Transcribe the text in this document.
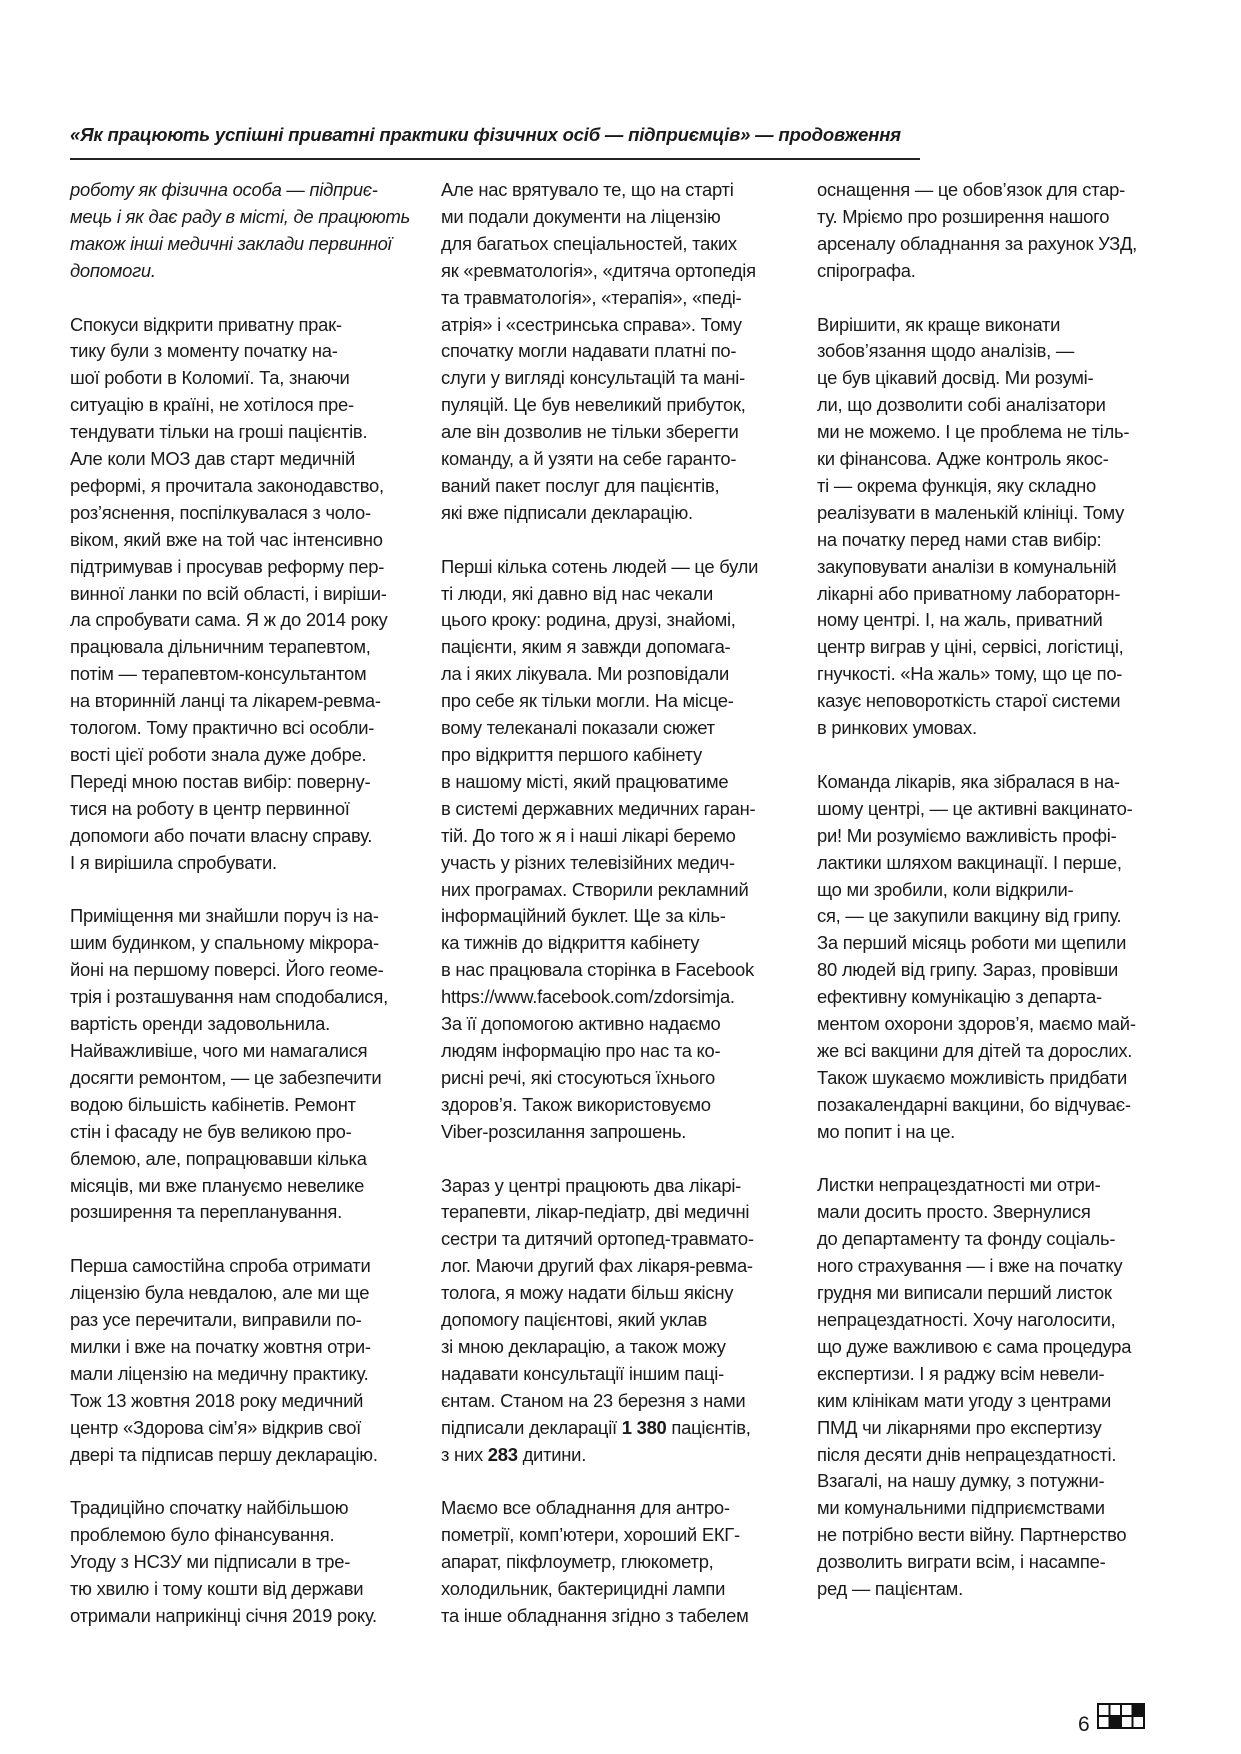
«Як працюють успішні приватні практики фізичних осіб — підприємців» — продовження
роботу як фізична особа — підприє-
мець і як дає раду в місті, де працюють
також інші медичні заклади первинної
допомоги.
Спокуси відкрити приватну прак-
тику були з моменту початку на-
шої роботи в Коломиї. Та, знаючи
ситуацію в країні, не хотілося пре-
тендувати тільки на гроші пацієнтів.
Але коли МОЗ дав старт медичній
реформі, я прочитала законодавство,
роз’яснення, поспілкувалася з чоло-
віком, який вже на той час інтенсивно
підтримував і просував реформу пер-
винної ланки по всій області, і виріши-
ла спробувати сама. Я ж до 2014 року
працювала дільничним терапевтом,
потім — терапевтом-консультантом
на вторинній ланці та лікарем-ревма-
тологом. Тому практично всі особли-
вості цієї роботи знала дуже добре.
Переді мною постав вибір: поверну-
тися на роботу в центр первинної
допомоги або почати власну справу.
І я вирішила спробувати.
Приміщення ми знайшли поруч із на-
шим будинком, у спальному мікрора-
йоні на першому поверсі. Його геоме-
трія і розташування нам сподобалися,
вартість оренди задовольнила.
Найважливіше, чого ми намагалися
досягти ремонтом, — це забезпечити
водою більшість кабінетів. Ремонт
стін і фасаду не був великою про-
блемою, але, попрацювавши кілька
місяців, ми вже плануємо невелике
розширення та перепланування.
Перша самостійна спроба отримати
ліцензію була невдалою, але ми ще
раз усе перечитали, виправили по-
милки і вже на початку жовтня отри-
мали ліцензію на медичну практику.
Тож 13 жовтня 2018 року медичний
центр «Здорова сім’я» відкрив свої
двері та підписав першу декларацію.
Традиційно спочатку найбільшою
проблемою було фінансування.
Угоду з НСЗУ ми підписали в тре-
тю хвилю і тому кошти від держави
отримали наприкінці січня 2019 року.
Але нас врятувало те, що на старті
ми подали документи на ліцензію
для багатьох спеціальностей, таких
як «ревматологія», «дитяча ортопедія
та травматологія», «терапія», «педі-
атрія» і «сестринська справа». Тому
спочатку могли надавати платні по-
слуги у вигляді консультацій та мані-
пуляцій. Це був невеликий прибуток,
але він дозволив не тільки зберегти
команду, а й узяти на себе гаранто-
ваний пакет послуг для пацієнтів,
які вже підписали декларацію.
Перші кілька сотень людей — це були
ті люди, які давно від нас чекали
цього кроку: родина, друзі, знайомі,
пацієнти, яким я завжди допомага-
ла і яких лікувала. Ми розповідали
про себе як тільки могли. На місце-
вому телеканалі показали сюжет
про відкриття першого кабінету
в нашому місті, який працюватиме
в системі державних медичних гаран-
тій. До того ж я і наші лікарі беремо
участь у різних телевізійних медич-
них програмах. Створили рекламний
інформаційний буклет. Ще за кіль-
ка тижнів до відкриття кабінету
в нас працювала сторінка в Facebook
https://www.facebook.com/zdorsimja.
За її допомогою активно надаємо
людям інформацію про нас та ко-
рисні речі, які стосуються їхнього
здоров’я. Також використовуємо
Viber-розсилання запрошень.
Зараз у центрі працюють два лікарі-
терапевти, лікар-педіатр, дві медичні
сестри та дитячий ортопед-травмато-
лог. Маючи другий фах лікаря-ревма-
толога, я можу надати більш якісну
допомогу пацієнтові, який уклав
зі мною декларацію, а також можу
надавати консультації іншим паці-
єнтам. Станом на 23 березня з нами
підписали декларації 1 380 пацієнтів,
з них 283 дитини.
Маємо все обладнання для антро-
пометрії, комп’ютери, хороший ЕКГ-
апарат, пікфлоуметр, глюкометр,
холодильник, бактерицидні лампи
та інше обладнання згідно з табелем
оснащення — це обов’язок для стар-
ту. Мріємо про розширення нашого
арсеналу обладнання за рахунок УЗД,
спірографа.
Вирішити, як краще виконати
зобов’язання щодо аналізів, —
це був цікавий досвід. Ми розумі-
ли, що дозволити собі аналізатори
ми не можемо. І це проблема не тіль-
ки фінансова. Адже контроль якос-
ті — окрема функція, яку складно
реалізувати в маленькій клініці. Тому
на початку перед нами став вибір:
закуповувати аналізи в комунальній
лікарні або приватному лабораторн-
ному центрі. І, на жаль, приватний
центр виграв у ціні, сервісі, логістиці,
гнучкості. «На жаль» тому, що це по-
казує неповороткість старої системи
в ринкових умовах.
Команда лікарів, яка зібралася в на-
шому центрі, — це активні вакцинато-
ри! Ми розуміємо важливість профі-
лактики шляхом вакцинації. І перше,
що ми зробили, коли відкрили-
ся, — це закупили вакцину від грипу.
За перший місяць роботи ми щепили
80 людей від грипу. Зараз, провівши
ефективну комунікацію з департа-
ментом охорони здоров’я, маємо май-
же всі вакцини для дітей та дорослих.
Також шукаємо можливість придбати
позакалендарні вакцини, бо відчуває-
мо попит і на це.
Листки непрацездатності ми отри-
мали досить просто. Звернулися
до департаменту та фонду соціаль-
ного страхування — і вже на початку
грудня ми виписали перший листок
непрацездатності. Хочу наголосити,
що дуже важливою є сама процедура
експертизи. І я раджу всім невели-
ким клінікам мати угоду з центрами
ПМД чи лікарнями про експертизу
після десяти днів непрацездатності.
Взагалі, на нашу думку, з потужни-
ми комунальними підприємствами
не потрібно вести війну. Партнерство
дозволить виграти всім, і насампе-
ред — пацієнтам.
6
